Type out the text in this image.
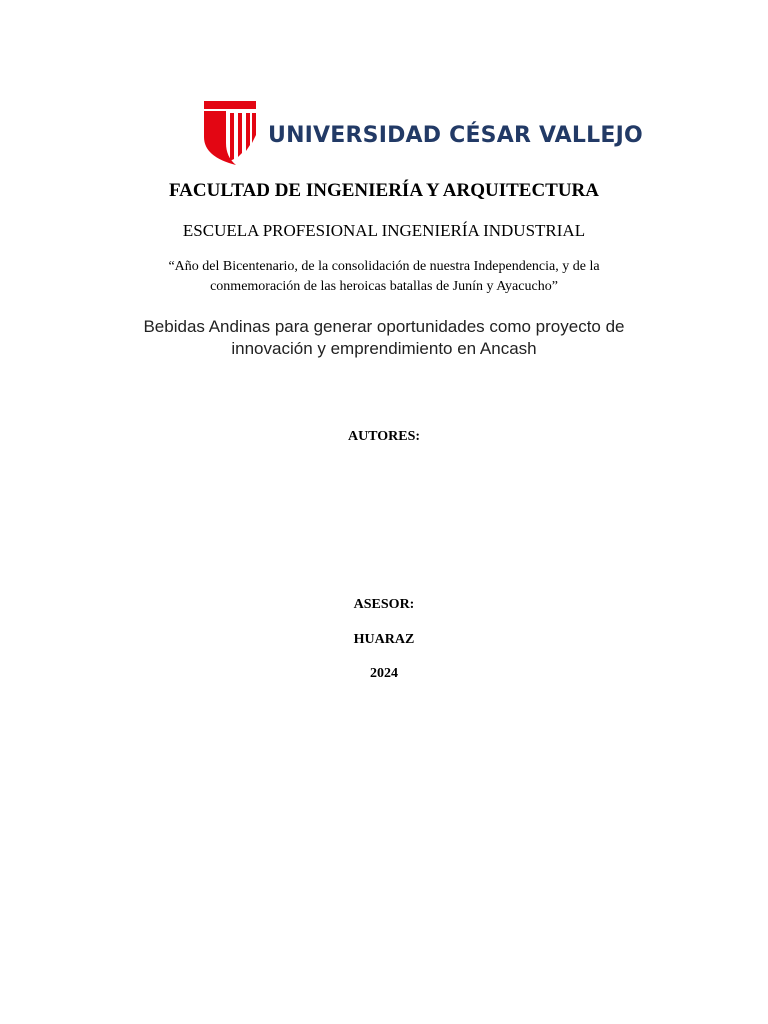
UNIVERSIDAD CÉSAR VALLEJO
FACULTAD DE INGENIERÍA Y ARQUITECTURA
ESCUELA PROFESIONAL INGENIERÍA INDUSTRIAL
“Año del Bicentenario, de la consolidación de nuestra Independencia, y de la conmemoración de las heroicas batallas de Junín y Ayacucho”
Bebidas Andinas para generar oportunidades como proyecto de innovación y emprendimiento en Ancash
AUTORES:
ASESOR:
HUARAZ
2024
